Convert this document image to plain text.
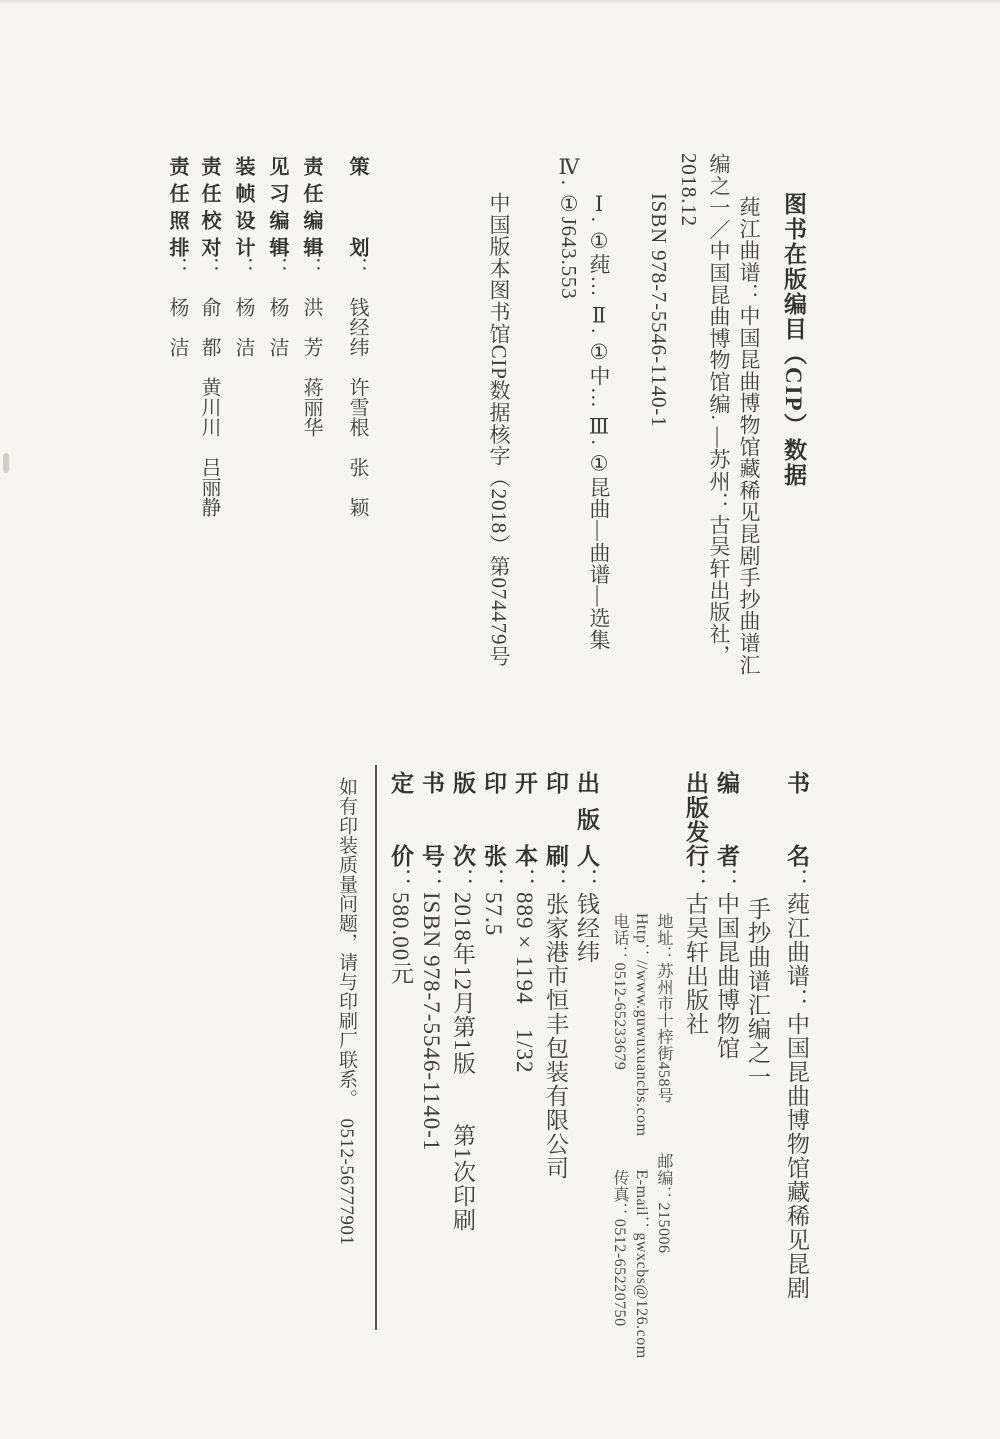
图书在版编目（CIP）数据
莼江曲谱：中国昆曲博物馆藏稀见昆剧手抄曲谱汇
编之一／中国昆曲博物馆编. —苏州：古吴轩出版社，
2018.12
ISBN 978-7-5546-1140-1
Ⅰ. ①莼… Ⅱ. ①中… Ⅲ. ①昆曲—曲谱—选集
Ⅳ. ①J643.553
中国版本图书馆CIP数据核字（2018）第074479号
策划：　钱经纬　许雪根　张　颖
责任编辑：　洪　芳　蒋丽华
见习编辑：　杨　洁
装帧设计：　杨　洁
责任校对：　俞　都　黄川川　吕丽静
责任照排：　杨　洁
书名：莼江曲谱：中国昆曲博物馆藏稀见昆剧
手抄曲谱汇编之一
编者：中国昆曲博物馆
出版发行：古吴轩出版社
地址：苏州市十梓街458号　　　邮编：215006
Http：//www.guwuxuancbs.com　　E-mail：gwxcbs@126.com
电话：0512-65233679　　　　　　传真：0512-65220750
出版人：钱经纬
印刷：张家港市恒丰包装有限公司
开本：889×1194　1/32
印张：57.5
版次：2018年12月第1版　　第1次印刷
书号：ISBN 978-7-5546-1140-1
定价：580.00元
如有印装质量问题，请与印刷厂联系。　0512-56777901
